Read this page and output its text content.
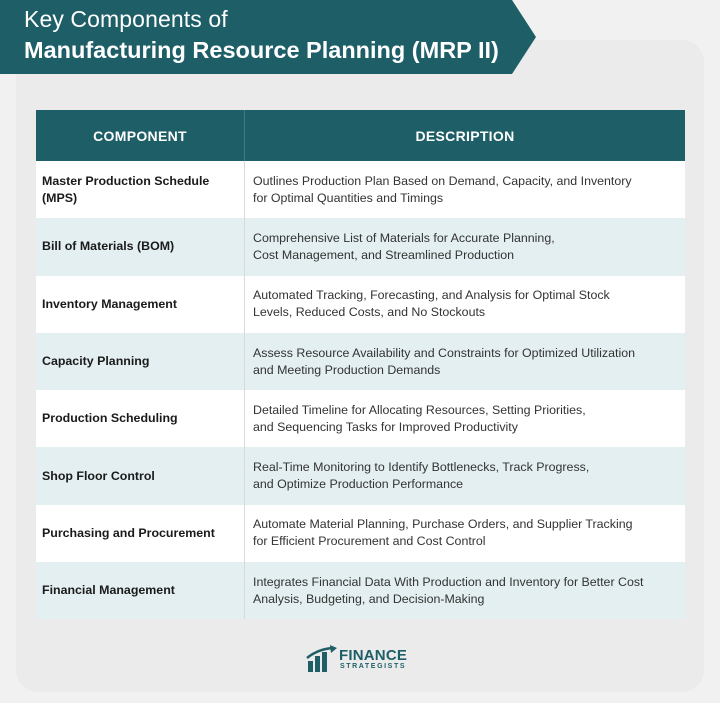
Key Components of
Manufacturing Resource Planning (MRP II)
COMPONENT	DESCRIPTION
Master Production Schedule (MPS)	Outlines Production Plan Based on Demand, Capacity, and Inventory
for Optimal Quantities and Timings

Bill of Materials (BOM)	Comprehensive List of Materials for Accurate Planning,
Cost Management, and Streamlined Production

Inventory Management	Automated Tracking, Forecasting, and Analysis for Optimal Stock
Levels, Reduced Costs, and No Stockouts

Capacity Planning	Assess Resource Availability and Constraints for Optimized Utilization
and Meeting Production Demands

Production Scheduling	Detailed Timeline for Allocating Resources, Setting Priorities,
and Sequencing Tasks for Improved Productivity

Shop Floor Control	Real-Time Monitoring to Identify Bottlenecks, Track Progress,
and Optimize Production Performance

Purchasing and Procurement	Automate Material Planning, Purchase Orders, and Supplier Tracking
for Efficient Procurement and Cost Control

Financial Management	Integrates Financial Data With Production and Inventory for Better Cost
Analysis, Budgeting, and Decision-Making
FINANCE
STRATEGISTS
